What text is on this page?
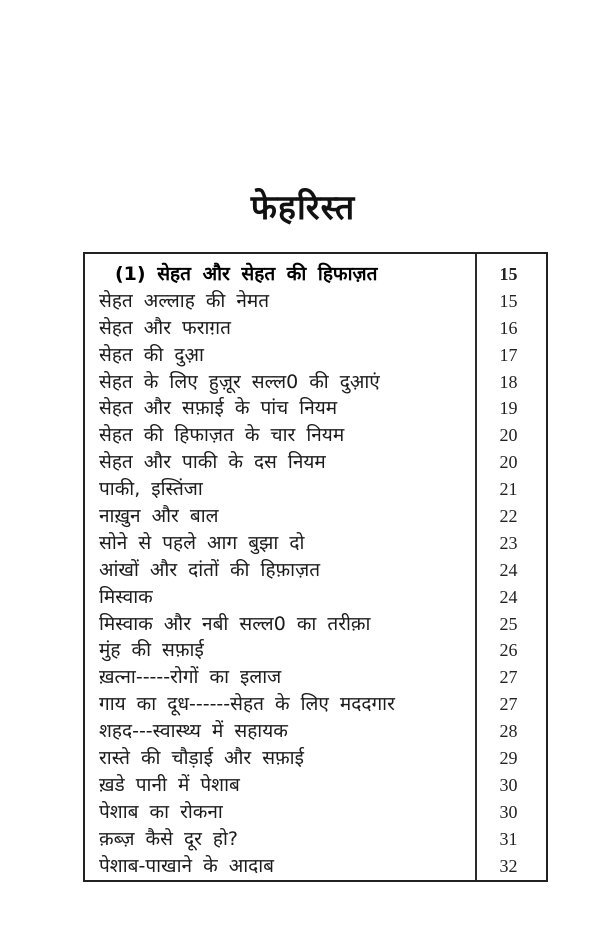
फेहरिस्त
(1) सेहत और सेहत की हिफाज़त	15
सेहत अल्लाह की नेमत	15
सेहत और फराग़त	16
सेहत की दुआ़	17
सेहत के लिए हुज़ूर सल्ल0 की दुआ़एं	18
सेहत और सफ़ाई के पांच नियम	19
सेहत की हिफाज़त के चार नियम	20
सेहत और पाकी के दस नियम	20
पाकी, इस्तिंजा	21
नाख़ुन और बाल	22
सोने से पहले आग बुझा दो	23
आंखों और दांतों की हिफ़ाज़त	24
मिस्वाक	24
मिस्वाक और नबी सल्ल0 का तरीक़ा	25
मुंह की सफ़ाई	26
ख़त्ना-----रोगों का इलाज	27
गाय का दूध------सेहत के लिए मददगार	27
शहद---स्वास्थ्य में सहायक	28
रास्ते की चौड़ाई और सफ़ाई	29
ख़डे पानी में पेशाब	30
पेशाब का रोकना	30
क़ब्ज़ कैसे दूर हो?	31
पेशाब-पाखाने के आदाब	32
